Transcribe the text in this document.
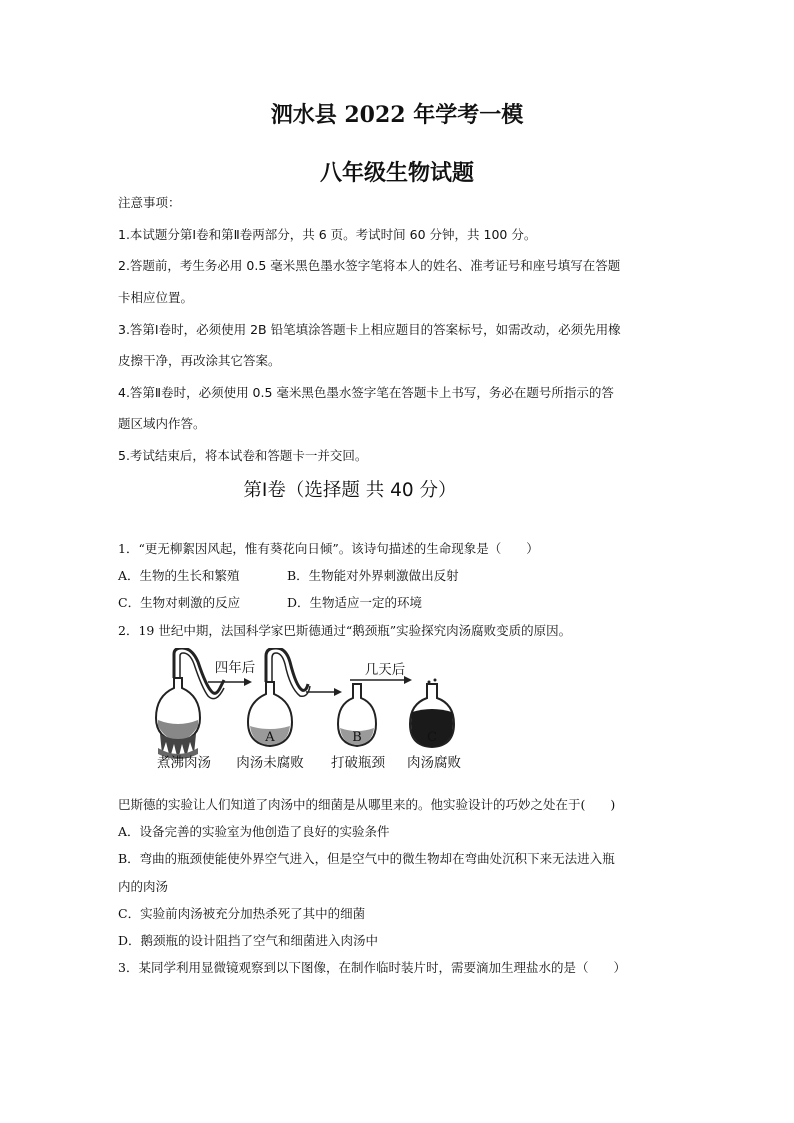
泗水县 2022 年学考一模
八年级生物试题
注意事项：
1.本试题分第Ⅰ卷和第Ⅱ卷两部分，共 6 页。考试时间 60 分钟，共 100 分。
2.答题前，考生务必用 0.5 毫米黑色墨水签字笔将本人的姓名、准考证号和座号填写在答题
卡相应位置。
3.答第Ⅰ卷时，必须使用 2B 铅笔填涂答题卡上相应题目的答案标号，如需改动，必须先用橡
皮擦干净，再改涂其它答案。
4.答第Ⅱ卷时，必须使用 0.5 毫米黑色墨水签字笔在答题卡上书写，务必在题号所指示的答
题区域内作答。
5.考试结束后，将本试卷和答题卡一并交回。
第Ⅰ卷（选择题 共 40 分）
1．“更无柳絮因风起，惟有葵花向日倾”。该诗句描述的生命现象是（　　）
A．生物的生长和繁殖	B．生物能对外界刺激做出反射
C．生物对刺激的反应	D．生物适应一定的环境
2．19 世纪中期，法国科学家巴斯德通过“鹅颈瓶”实验探究肉汤腐败变质的原因。
四年后	几天后
A	B	C
煮沸肉汤	肉汤未腐败	打破瓶颈	肉汤腐败
巴斯德的实验让人们知道了肉汤中的细菌是从哪里来的。他实验设计的巧妙之处在于(　　)
A．设备完善的实验室为他创造了良好的实验条件
B．弯曲的瓶颈使能使外界空气进入，但是空气中的微生物却在弯曲处沉积下来无法进入瓶
内的肉汤
C．实验前肉汤被充分加热杀死了其中的细菌
D．鹅颈瓶的设计阻挡了空气和细菌进入肉汤中
3．某同学利用显微镜观察到以下图像，在制作临时装片时，需要滴加生理盐水的是（　　）
